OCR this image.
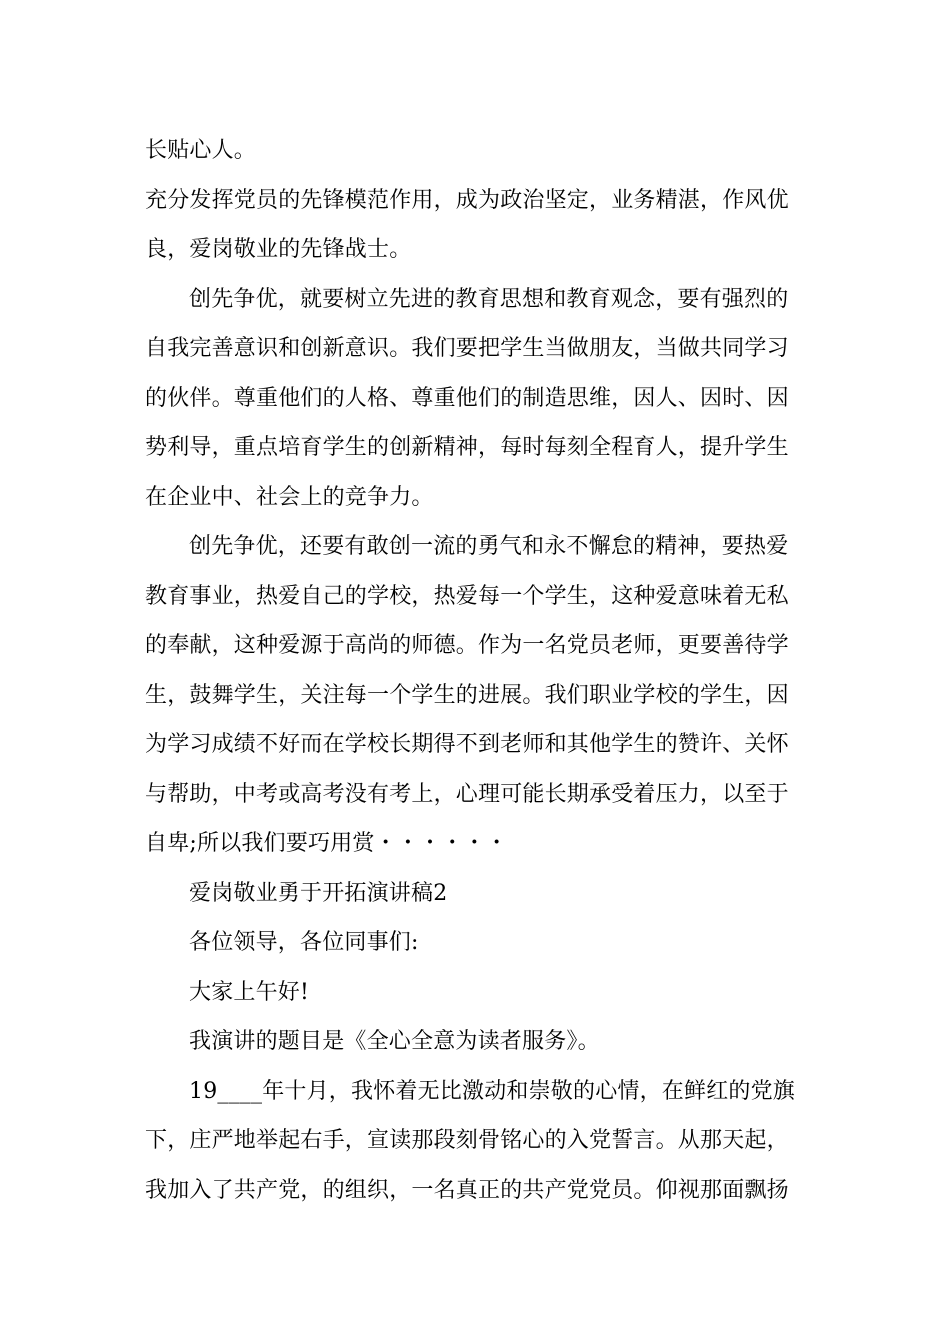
长贴心人。
充分发挥党员的先锋模范作用，成为政治坚定，业务精湛，作风优
良，爱岗敬业的先锋战士。
创先争优，就要树立先进的教育思想和教育观念，要有强烈的
自我完善意识和创新意识。我们要把学生当做朋友，当做共同学习
的伙伴。尊重他们的人格、尊重他们的制造思维，因人、因时、因
势利导，重点培育学生的创新精神，每时每刻全程育人，提升学生
在企业中、社会上的竞争力。
创先争优，还要有敢创一流的勇气和永不懈怠的精神，要热爱
教育事业，热爱自己的学校，热爱每一个学生，这种爱意味着无私
的奉献，这种爱源于高尚的师德。作为一名党员老师，更要善待学
生，鼓舞学生，关注每一个学生的进展。我们职业学校的学生，因
为学习成绩不好而在学校长期得不到老师和其他学生的赞许、关怀
与帮助，中考或高考没有考上，心理可能长期承受着压力，以至于
自卑;所以我们要巧用赏・・・・・・
爱岗敬业勇于开拓演讲稿2
各位领导，各位同事们:
大家上午好!
我演讲的题目是《全心全意为读者服务》。
19____年十月，我怀着无比激动和崇敬的心情，在鲜红的党旗
下，庄严地举起右手，宣读那段刻骨铭心的入党誓言。从那天起，
我加入了共产党，的组织，一名真正的共产党党员。仰视那面飘扬
